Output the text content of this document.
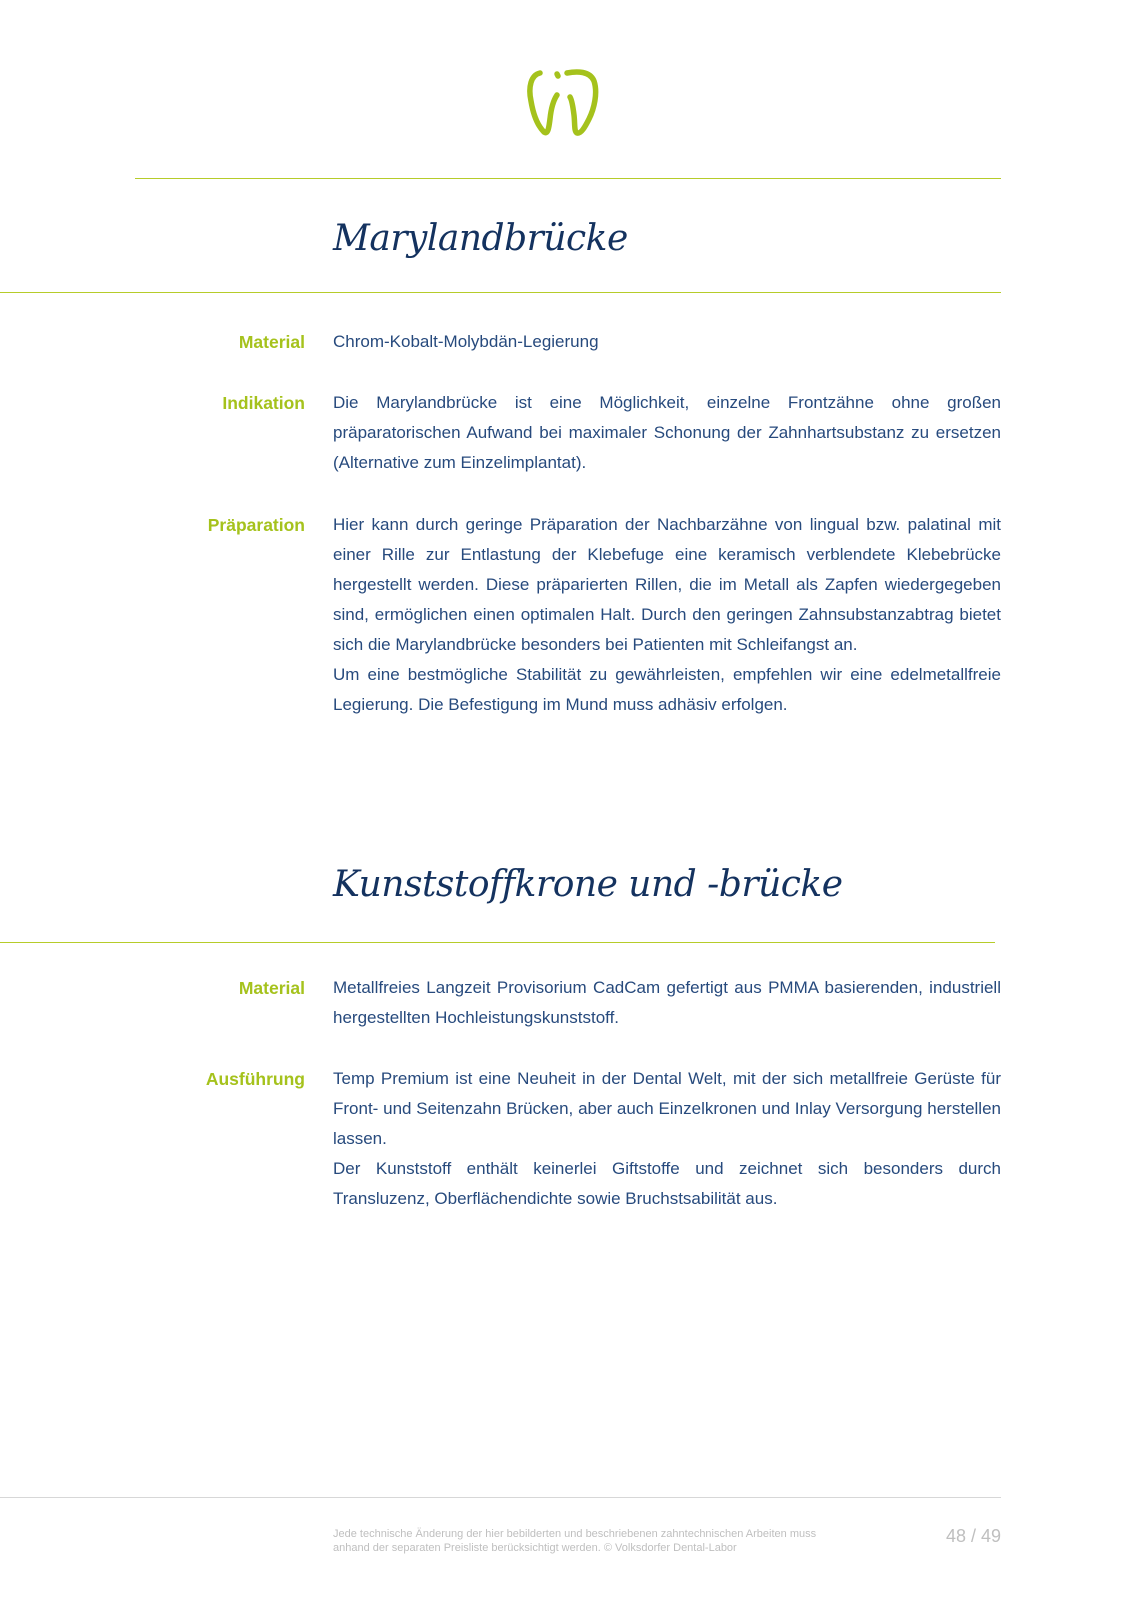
Marylandbrücke
Material Chrom-Kobalt-Molybdän-Legierung

Indikation Die Marylandbrücke ist eine Möglichkeit, einzelne Frontzähne ohne großen präparatorischen Aufwand bei maximaler Schonung der Zahnhartsubstanz zu ersetzen (Alternative zum Einzelimplantat).

Präparation Hier kann durch geringe Präparation der Nachbarzähne von lingual bzw. palatinal mit einer Rille zur Entlastung der Klebefuge eine keramisch verblendete Klebebrücke hergestellt werden. Diese präparierten Rillen, die im Metall als Zapfen wiedergegeben sind, ermöglichen einen optimalen Halt. Durch den geringen Zahnsubstanzabtrag bietet sich die Marylandbrücke besonders bei Patienten mit Schleifangst an.

Um eine bestmögliche Stabilität zu gewährleisten, empfehlen wir eine edelmetallfreie Legierung. Die Befestigung im Mund muss adhäsiv erfolgen.

Kunststoffkrone und -brücke
Material Metallfreies Langzeit Provisorium CadCam gefertigt aus PMMA basierenden, industriell hergestellten Hochleistungskunststoff.

Ausführung Temp Premium ist eine Neuheit in der Dental Welt, mit der sich metallfreie Gerüste für Front- und Seitenzahn Brücken, aber auch Einzelkronen und Inlay Versorgung herstellen lassen.

Der Kunststoff enthält keinerlei Giftstoffe und zeichnet sich besonders durch Transluzenz, Oberflächendichte sowie Bruchstsabilität aus.

Jede technische Änderung der hier bebilderten und beschriebenen zahntechnischen Arbeiten muss

anhand der separaten Preisliste berücksichtigt werden. © Volksdorfer Dental-Labor

48 / 49
